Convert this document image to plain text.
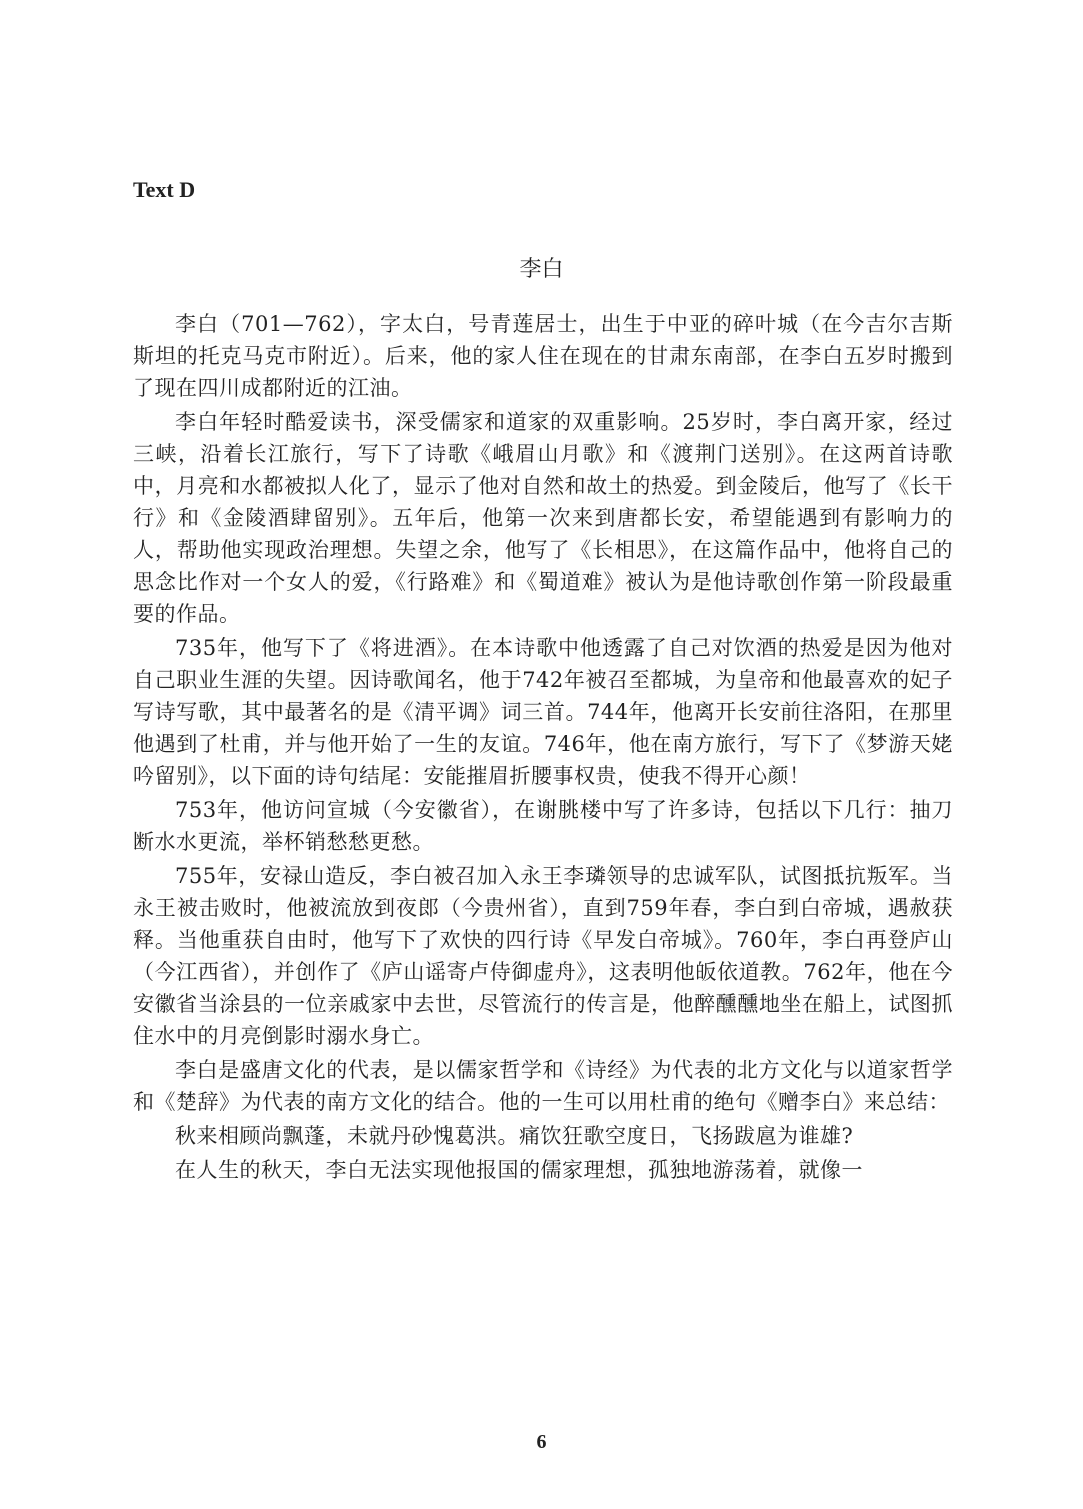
Text D
李白

李白（701—762），字太白，号青莲居士，出生于中亚的碎叶城（在今吉尔吉斯斯坦的托克马克市附近）。后来，他的家人住在现在的甘肃东南部，在李白五岁时搬到了现在四川成都附近的江油。

李白年轻时酷爱读书，深受儒家和道家的双重影响。25岁时，李白离开家，经过三峡，沿着长江旅行，写下了诗歌《峨眉山月歌》和《渡荆门送别》。在这两首诗歌中，月亮和水都被拟人化了，显示了他对自然和故土的热爱。到金陵后，他写了《长干行》和《金陵酒肆留别》。五年后，他第一次来到唐都长安，希望能遇到有影响力的人，帮助他实现政治理想。失望之余，他写了《长相思》，在这篇作品中，他将自己的思念比作对一个女人的爱，《行路难》和《蜀道难》被认为是他诗歌创作第一阶段最重要的作品。

735年，他写下了《将进酒》。在本诗歌中他透露了自己对饮酒的热爱是因为他对自己职业生涯的失望。因诗歌闻名，他于742年被召至都城，为皇帝和他最喜欢的妃子写诗写歌，其中最著名的是《清平调》词三首。744年，他离开长安前往洛阳，在那里他遇到了杜甫，并与他开始了一生的友谊。746年，他在南方旅行，写下了《梦游天姥吟留别》，以下面的诗句结尾：安能摧眉折腰事权贵，使我不得开心颜！

753年，他访问宣城（今安徽省），在谢朓楼中写了许多诗，包括以下几行：抽刀断水水更流，举杯销愁愁更愁。

755年，安禄山造反，李白被召加入永王李璘领导的忠诚军队，试图抵抗叛军。当永王被击败时，他被流放到夜郎（今贵州省），直到759年春，李白到白帝城，遇赦获释。当他重获自由时，他写下了欢快的四行诗《早发白帝城》。760年，李白再登庐山（今江西省），并创作了《庐山谣寄卢侍御虚舟》，这表明他皈依道教。762年，他在今安徽省当涂县的一位亲戚家中去世，尽管流行的传言是，他醉醺醺地坐在船上，试图抓住水中的月亮倒影时溺水身亡。

李白是盛唐文化的代表，是以儒家哲学和《诗经》为代表的北方文化与以道家哲学和《楚辞》为代表的南方文化的结合。他的一生可以用杜甫的绝句《赠李白》来总结：

秋来相顾尚飘蓬，未就丹砂愧葛洪。痛饮狂歌空度日，飞扬跋扈为谁雄?

在人生的秋天，李白无法实现他报国的儒家理想，孤独地游荡着，就像一

6
